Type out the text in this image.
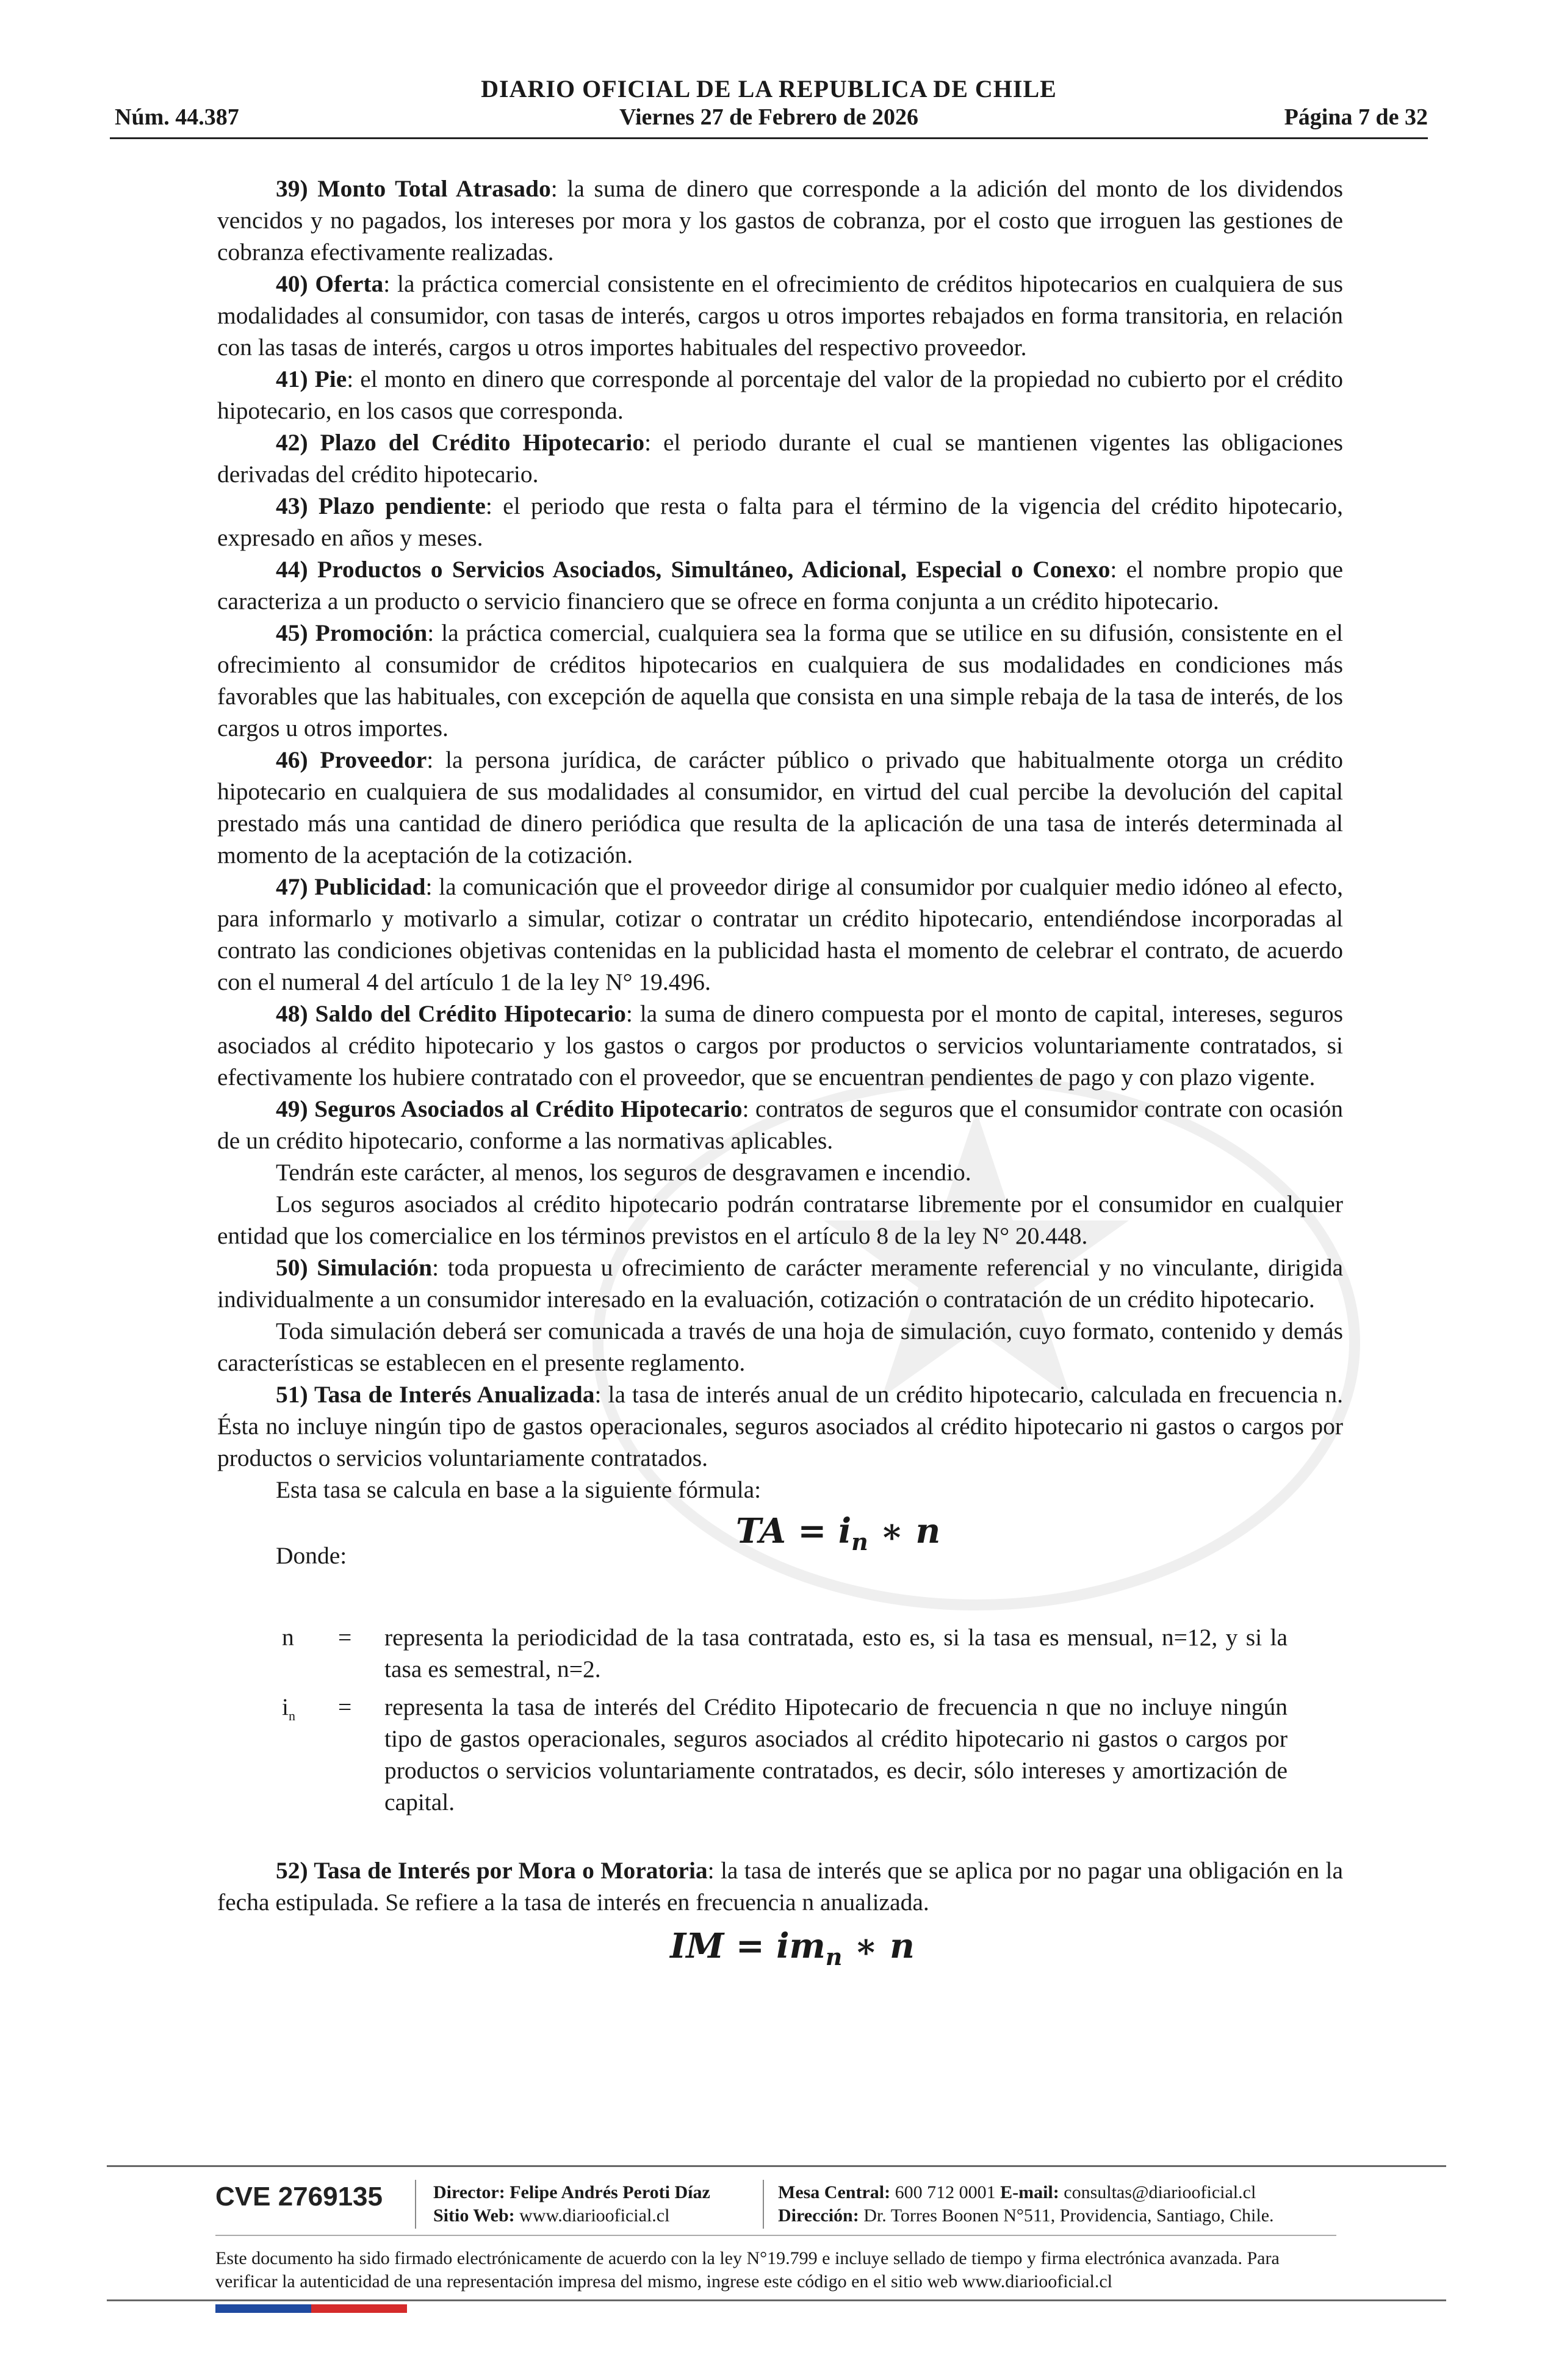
DIARIO OFICIAL DE LA REPUBLICA DE CHILE
Núm. 44.387	Viernes 27 de Febrero de 2026	Página 7 de 32

39) Monto Total Atrasado: la suma de dinero que corresponde a la adición del monto de los dividendos vencidos y no pagados, los intereses por mora y los gastos de cobranza, por el costo que irroguen las gestiones de cobranza efectivamente realizadas.

40) Oferta: la práctica comercial consistente en el ofrecimiento de créditos hipotecarios en cualquiera de sus modalidades al consumidor, con tasas de interés, cargos u otros importes rebajados en forma transitoria, en relación con las tasas de interés, cargos u otros importes habituales del respectivo proveedor.

41) Pie: el monto en dinero que corresponde al porcentaje del valor de la propiedad no cubierto por el crédito hipotecario, en los casos que corresponda.

42) Plazo del Crédito Hipotecario: el periodo durante el cual se mantienen vigentes las obligaciones derivadas del crédito hipotecario.

43) Plazo pendiente: el periodo que resta o falta para el término de la vigencia del crédito hipotecario, expresado en años y meses.

44) Productos o Servicios Asociados, Simultáneo, Adicional, Especial o Conexo: el nombre propio que caracteriza a un producto o servicio financiero que se ofrece en forma conjunta a un crédito hipotecario.

45) Promoción: la práctica comercial, cualquiera sea la forma que se utilice en su difusión, consistente en el ofrecimiento al consumidor de créditos hipotecarios en cualquiera de sus modalidades en condiciones más favorables que las habituales, con excepción de aquella que consista en una simple rebaja de la tasa de interés, de los cargos u otros importes.

46) Proveedor: la persona jurídica, de carácter público o privado que habitualmente otorga un crédito hipotecario en cualquiera de sus modalidades al consumidor, en virtud del cual percibe la devolución del capital prestado más una cantidad de dinero periódica que resulta de la aplicación de una tasa de interés determinada al momento de la aceptación de la cotización.

47) Publicidad: la comunicación que el proveedor dirige al consumidor por cualquier medio idóneo al efecto, para informarlo y motivarlo a simular, cotizar o contratar un crédito hipotecario, entendiéndose incorporadas al contrato las condiciones objetivas contenidas en la publicidad hasta el momento de celebrar el contrato, de acuerdo con el numeral 4 del artículo 1 de la ley N° 19.496.

48) Saldo del Crédito Hipotecario: la suma de dinero compuesta por el monto de capital, intereses, seguros asociados al crédito hipotecario y los gastos o cargos por productos o servicios voluntariamente contratados, si efectivamente los hubiere contratado con el proveedor, que se encuentran pendientes de pago y con plazo vigente.

49) Seguros Asociados al Crédito Hipotecario: contratos de seguros que el consumidor contrate con ocasión de un crédito hipotecario, conforme a las normativas aplicables.

Tendrán este carácter, al menos, los seguros de desgravamen e incendio.

Los seguros asociados al crédito hipotecario podrán contratarse libremente por el consumidor en cualquier entidad que los comercialice en los términos previstos en el artículo 8 de la ley N° 20.448.

50) Simulación: toda propuesta u ofrecimiento de carácter meramente referencial y no vinculante, dirigida individualmente a un consumidor interesado en la evaluación, cotización o contratación de un crédito hipotecario.

Toda simulación deberá ser comunicada a través de una hoja de simulación, cuyo formato, contenido y demás características se establecen en el presente reglamento.

51) Tasa de Interés Anualizada: la tasa de interés anual de un crédito hipotecario, calculada en frecuencia n. Ésta no incluye ningún tipo de gastos operacionales, seguros asociados al crédito hipotecario ni gastos o cargos por productos o servicios voluntariamente contratados.

Esta tasa se calcula en base a la siguiente fórmula:

TA = $i_n$ ∗ n

Donde:

n	=	representa la periodicidad de la tasa contratada, esto es, si la tasa es mensual, n=12, y si la tasa es semestral, n=2.
$i_n$	=	representa la tasa de interés del Crédito Hipotecario de frecuencia n que no incluye ningún tipo de gastos operacionales, seguros asociados al crédito hipotecario ni gastos o cargos por productos o servicios voluntariamente contratados, es decir, sólo intereses y amortización de capital.

52) Tasa de Interés por Mora o Moratoria: la tasa de interés que se aplica por no pagar una obligación en la fecha estipulada. Se refiere a la tasa de interés en frecuencia n anualizada.

IM = $im_n$ ∗ n
CVE 2769135	Director: Felipe Andrés Peroti Díaz
Sitio Web: www.diariooficial.cl
Mesa Central: 600 712 0001 E-mail: consultas@diariooficial.cl
Dirección: Dr. Torres Boonen N°511, Providencia, Santiago, Chile.
Este documento ha sido firmado electrónicamente de acuerdo con la ley N°19.799 e incluye sellado de tiempo y firma electrónica avanzada. Para verificar la autenticidad de una representación impresa del mismo, ingrese este código en el sitio web www.diariooficial.cl
